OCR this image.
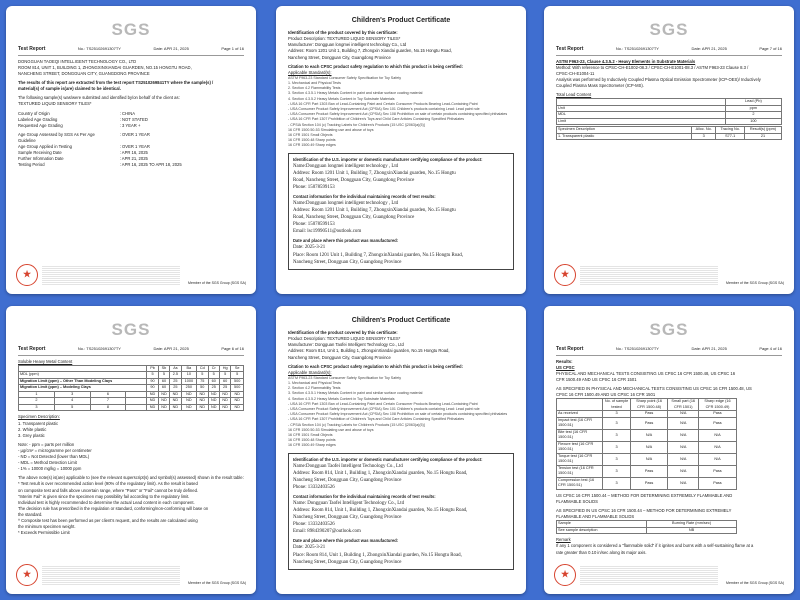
SGS
Test Report	No.: TS25102691307TY	Date: APR 21, 2025	Page 1 of 16
DONGGUAN TAOEQI INTELLIGENT TECHNOLOGY CO., LTD
ROOM 814, UNIT 1, BUILDING 1, ZHONGXINXIANDAI GUARDEN, NO.15 HONGTU ROAD,
NANCHENG STREET, DONGGUAN CITY, GUANGDONG PROVINCE
The results of this report are extracted from the test report TS2510269841TY where the sample(s) /
material(s) of sample is(are) claimed to be identical.
The following sample(s) was/were submitted and identified by/on behalf of the client as:
TEXTURED LIQUID SENSORY TILES*
Country of Origin	: CHINA
Labeled Age Grading	: NOT STATED
Requested Age Grading	: 3 YEAR +
Age Group Assessed by SGS As Per Age	: OVER 1 YEAR
Guideline
Age Group Applied in Testing	: OVER 1 YEAR
Sample Receiving Date	: APR 16, 2025
Further Information Date	: APR 21, 2025
Testing Period	: APR 16, 2025 TO APR 18, 2025
★
Member of the SGS Group (SGS SA)
Children's Product Certificate
Identification of the product covered by this certificate:
Product Description: TEXTURED LIQUID SENSORY TILES*
Manufacturer: Dongguan longmei intelligent technology Co., Ltd
Address: Room 1201 Unit 1, Building 7, Zhongxin Xiandai guarden, No.15 Hongtu Road,
Nancheng Street, Dongguan City, Guangdong Province
Citation to each CPSC product safety regulation to which this product is being certified:
Applicable Standard(s):
ASTM F963-23 Standard Consumer Safety Specification for Toy Safety
1. Mechanical and Physical Tests
2. Section 4.2 Flammability Tests
3. Section 4.3.5.1 Heavy Metals Content in paint and similar surface coating material
4. Section 4.3.5.2 Heavy Metals Content in Toy Substrate Materials
- USA 16 CFR Part 1303 Ban of Lead-Containing Paint and Certain Consumer Products Bearing Lead-Containing Paint
- USA Consumer Product Safety Improvement Act (CPSIA) Sec 101 Children's products containing Lead: Lead paint rule
- USA Consumer Product Safety Improvement Act (CPSIA) Sec 108 Prohibition on sale of certain products containing specified phthalates
- USA 16 CFR Part 1307 Prohibition of Children's Toys and Child Care Articles Containing Specified Phthalates
- CPSIA Section 104 (c) Tracking Labels for Children's Products [15 USC §2063(a)(5)]
16 CFR 1500.50-53 Simulating use and abuse of toys
16 CFR 1501 Small Objects
16 CFR 1500.48 Sharp points
16 CFR 1500.49 Sharp edges
Identification of the U.S. importer or domestic manufacturer certifying compliance of the product:
Name:Dongguan longmei intelligent technology , Ltd
Address: Room 1201 Unit 1, Building 7, ZhongxinXiandai guarden, No.15 Hongtu
Road, Nancheng Street, Dongguan City, Guangdong Province
Phone: 15078599153
Contact information for the individual maintaining records of test results:
Name:Dongguan longmei intelligent technology , Ltd
Address: Room 1201 Unit 1, Building 7, ZhongxinXiandai guarden, No.15 Hongtu
Road, Nancheng Street, Dongguan City, Guangdong Province
Phone: 15078599153
Email: lsc19990511@outlook.com
Date and place where this product was manufactured:
Date: 2025-3-21
Place: Room 1201 Unit 1, Building 7, ZhongxinXiandai guarden, No.15 Hongtu Road,
Nancheng Street, Dongguan City, Guangdong Province
SGS
Test Report	No.: TS25102691307TY	Date: APR 21, 2025	Page 7 of 16
ASTM F963-23, Clause 4.3.5.2 - Heavy Elements in Substrate Materials
Method: With reference to CPSC-CH-E1002-08.3 / CPSC-CH-E1001-08.3 / ASTM F963-23 Clause 8.3 /
CPSC-CH-E1004-11
Analysis was performed by Inductively Coupled Plasma Optical Emission Spectrometer (ICP-OES)/ Inductively
Coupled Plasma Mass Spectrometer (ICP-MS).
Total Lead Content
	Lead (Pb)
Unit	ppm
MDL	2
Limit	100
Specimen Description	Alloc. No.	Tracing No.	Result(s) (ppm)
1. Transparent plastic	3	S77-1	21
★
Member of the SGS Group (SGS SA)
SGS
Test Report	No.: TS25102691307TY	Date: APR 21, 2025	Page 6 of 16
Soluble Heavy Metal Content
				Pb	Sb	As	Ba	Cd	Cr	Hg	Se
MDL (ppm)				5	5	2.5	10	5	5	5	5
Migration Limit (ppm) – Other Than Modeling Clays				90	60	25	1000	75	60	60	500
Migration Limit (ppm) – Modeling Clays				90	60	25	250	50	25	25	500
1	3	6		ND	ND	ND	ND	ND	ND	ND	ND
2	4	7		ND	ND	ND	ND	ND	ND	ND	ND
3	5	8		ND	ND	ND	ND	ND	ND	ND	ND
Specimen Description:
1. Transparent plastic
2. White plastic
3. Grey plastic
Note: - ppm = parts per million
- µg/cm² = microgramme per centimeter
- ND = Not Detected (lower than MDL)
- MDL = Method Detection Limit
- 1% = 10000 mg/kg = 10000 ppm
The above note(s) is(are) applicable to (see the relevant superscript(s) and symbol(s) assessed) shown in the result table:
* Test result is over recommended action level (90% of the regulatory limit). As the result is based
on composite test and falls above uncertain range, where "Pass" or "Fail" cannot be truly defined.
"Interim Fail" is given since the specimen may possibility fail according to the regulatory limit.
Individual test is highly recommended to determine the actual Lead content in each component.
The decision rule has prescribed in the regulation or standard, conforming/non-conforming will base on
the standard.
^ Composite test has been performed as per client's request, and the results are calculated using
the minimum specimen weight.
* Exceeds Permissible Limit
★
Member of the SGS Group (SGS SA)
Children's Product Certificate
Identification of the product covered by this certificate:
Product Description: TEXTURED LIQUID SENSORY TILES*
Manufacturer: Dongguan Taofei Intelligent Technology Co., Ltd
Address: Room 814, Unit 1, Building 1, ZhongxinXiandai guarden, No.15 Hongtu Road,
Nancheng Street, Dongguan City, Guangdong Province
Citation to each CPSC product safety regulation to which this product is being certified:
Applicable Standard(s):
ASTM F963-23 Standard Consumer Safety Specification for Toy Safety
1. Mechanical and Physical Tests
2. Section 4.2 Flammability Tests
3. Section 4.3.5.1 Heavy Metals Content in paint and similar surface coating material
4. Section 4.3.5.2 Heavy Metals Content in Toy Substrate Materials
- USA 16 CFR Part 1303 Ban of Lead-Containing Paint and Certain Consumer Products Bearing Lead-Containing Paint
- USA Consumer Product Safety Improvement Act (CPSIA) Sec 101 Children's products containing Lead: Lead paint rule
- USA Consumer Product Safety Improvement Act (CPSIA) Sec 108 Prohibition on sale of certain products containing specified phthalates
- USA 16 CFR Part 1307 Prohibition of Children's Toys and Child Care Articles Containing Specified Phthalates
- CPSIA Section 104 (c) Tracking Labels for Children's Products [15 USC §2063(a)(5)]
16 CFR 1500.50-53 Simulating use and abuse of toys
16 CFR 1501 Small Objects
16 CFR 1500.48 Sharp points
16 CFR 1500.49 Sharp edges
Identification of the U.S. importer or domestic manufacturer certifying compliance of the product:
Name:Dongguan Taofei Intelligent Technology Co., Ltd
Address: Room 814, Unit 1, Building 1, ZhongxinXiandai guarden, No.15 Hongtu Road,
Nancheng Street, Dongguan City, Guangdong Province
Phone: 13332403526
Contact information for the individual maintaining records of test results:
Name: Dongguan Taofei Intelligent Technology Co., Ltd
Address: Room 814, Unit 1, Building 1, ZhongxinXiandai guarden, No.15 Hongtu Road,
Nancheng Street, Dongguan City, Guangdong Province
Phone: 13332403526
Email: 8984390207@outlook.com
Date and place where this product was manufactured:
Date: 2025-3-21
Place: Room 814, Unit 1, Building 1, ZhongxinXiandai guarden, No.15 Hongtu Road,
Nancheng Street, Dongguan City, Guangdong Province
SGS
Test Report	No.: TS25102691307TY	Date: APR 21, 2025	Page 4 of 16
Results:
US CPSC
PHYSICAL AND MECHANICAL TESTS CONSISTING US CPSC 16 CFR 1500.48, US CPSC 16
CFR 1500.49 AND US CPSC 16 CFR 1501
AS SPECIFIED IN PHYSICAL AND MECHANICAL TESTS CONSISTING US CPSC 16 CFR 1500.48, US
CPSC 16 CFR 1500.49 AND US CPSC 16 CFR 1501
	No. of sample tested	Sharp point (16 CFR 1500.48)	Small part (16 CFR 1501)	Sharp edge (16 CFR 1500.49)
As received	3	Pass	N/A	Pass
Impact test (16 CFR 1500.51)	3	Pass	N/A	Pass
Bite test (16 CFR 1500.51)	3	N/A	N/A	N/A
Flexure test (16 CFR 1500.51)	3	N/A	N/A	N/A
Torque test (16 CFR 1500.51)	3	N/A	N/A	N/A
Tension test (16 CFR 1500.51)	3	Pass	N/A	Pass
Compression test (16 CFR 1500.51)	3	Pass	N/A	Pass
US CPSC 16 CFR 1500.44 – METHOD FOR DETERMINING EXTREMELY FLAMMABLE AND
FLAMMABLE SOLIDS
AS SPECIFIED IN US CPSC 16 CFR 1500.44 – METHOD FOR DETERMINING EXTREMELY
FLAMMABLE AND FLAMMABLE SOLIDS
Sample	Burning Rate (mm/sec)
See sample description	NB
Remark
If any 1 component is considered a "flammable solid" if it ignites and burns with a self-sustaining flame at a
rate greater than 0.10 in/sec along its major axis.
★
Member of the SGS Group (SGS SA)
